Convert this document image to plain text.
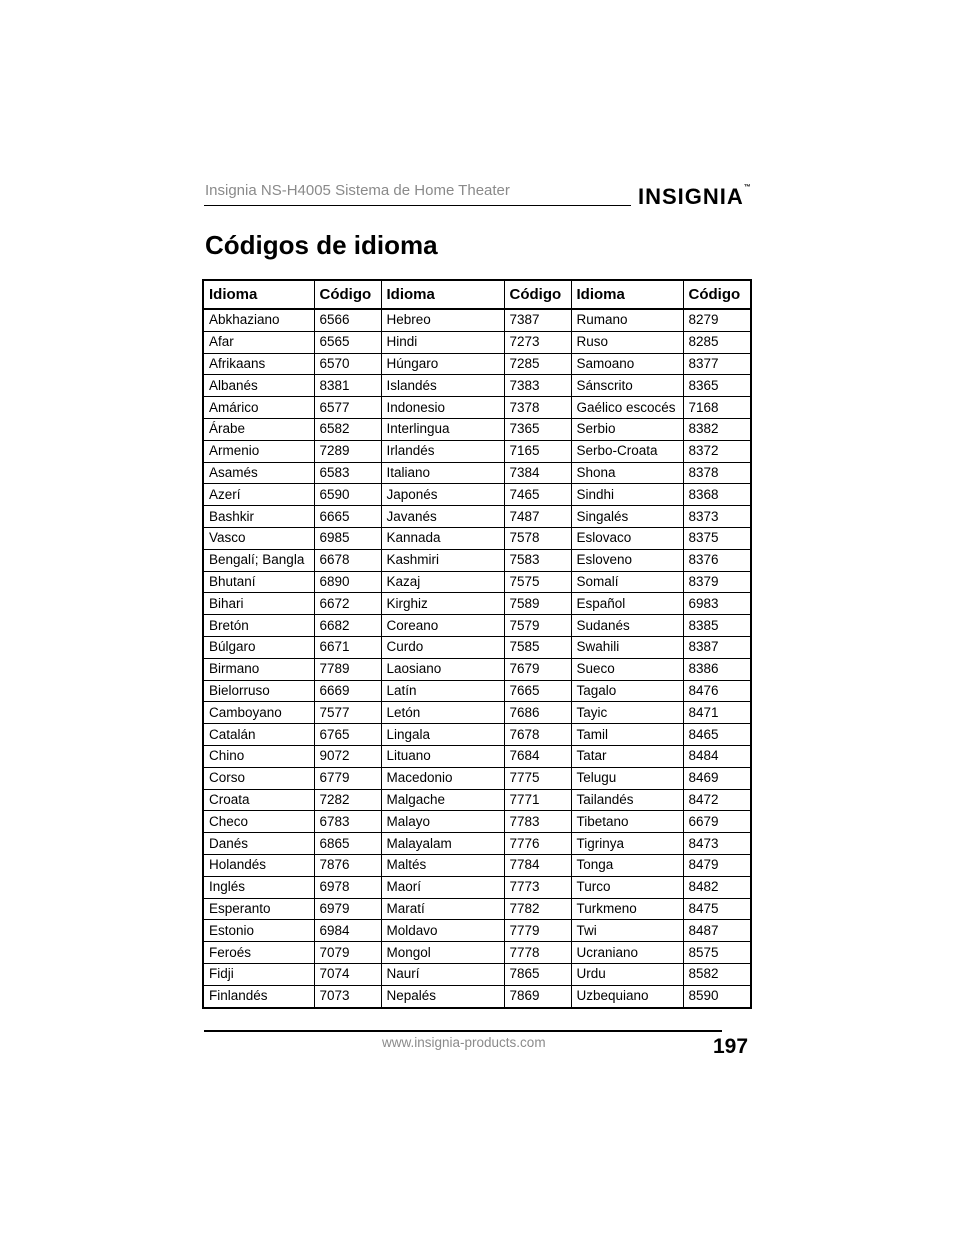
Insignia NS-H4005 Sistema de Home Theater	INSIGNIA™
Códigos de idioma
Idioma	Código	Idioma	Código	Idioma	Código
Abkhaziano	6566	Hebreo	7387	Rumano	8279
Afar	6565	Hindi	7273	Ruso	8285
Afrikaans	6570	Húngaro	7285	Samoano	8377
Albanés	8381	Islandés	7383	Sánscrito	8365
Amárico	6577	Indonesio	7378	Gaélico escocés	7168
Árabe	6582	Interlingua	7365	Serbio	8382
Armenio	7289	Irlandés	7165	Serbo-Croata	8372
Asamés	6583	Italiano	7384	Shona	8378
Azerí	6590	Japonés	7465	Sindhi	8368
Bashkir	6665	Javanés	7487	Singalés	8373
Vasco	6985	Kannada	7578	Eslovaco	8375
Bengalí; Bangla	6678	Kashmiri	7583	Esloveno	8376
Bhutaní	6890	Kazaj	7575	Somalí	8379
Bihari	6672	Kirghiz	7589	Español	6983
Bretón	6682	Coreano	7579	Sudanés	8385
Búlgaro	6671	Curdo	7585	Swahili	8387
Birmano	7789	Laosiano	7679	Sueco	8386
Bielorruso	6669	Latín	7665	Tagalo	8476
Camboyano	7577	Letón	7686	Tayic	8471
Catalán	6765	Lingala	7678	Tamil	8465
Chino	9072	Lituano	7684	Tatar	8484
Corso	6779	Macedonio	7775	Telugu	8469
Croata	7282	Malgache	7771	Tailandés	8472
Checo	6783	Malayo	7783	Tibetano	6679
Danés	6865	Malayalam	7776	Tigrinya	8473
Holandés	7876	Maltés	7784	Tonga	8479
Inglés	6978	Maorí	7773	Turco	8482
Esperanto	6979	Maratí	7782	Turkmeno	8475
Estonio	6984	Moldavo	7779	Twi	8487
Feroés	7079	Mongol	7778	Ucraniano	8575
Fidji	7074	Naurí	7865	Urdu	8582
Finlandés	7073	Nepalés	7869	Uzbequiano	8590
www.insignia-products.com	197
